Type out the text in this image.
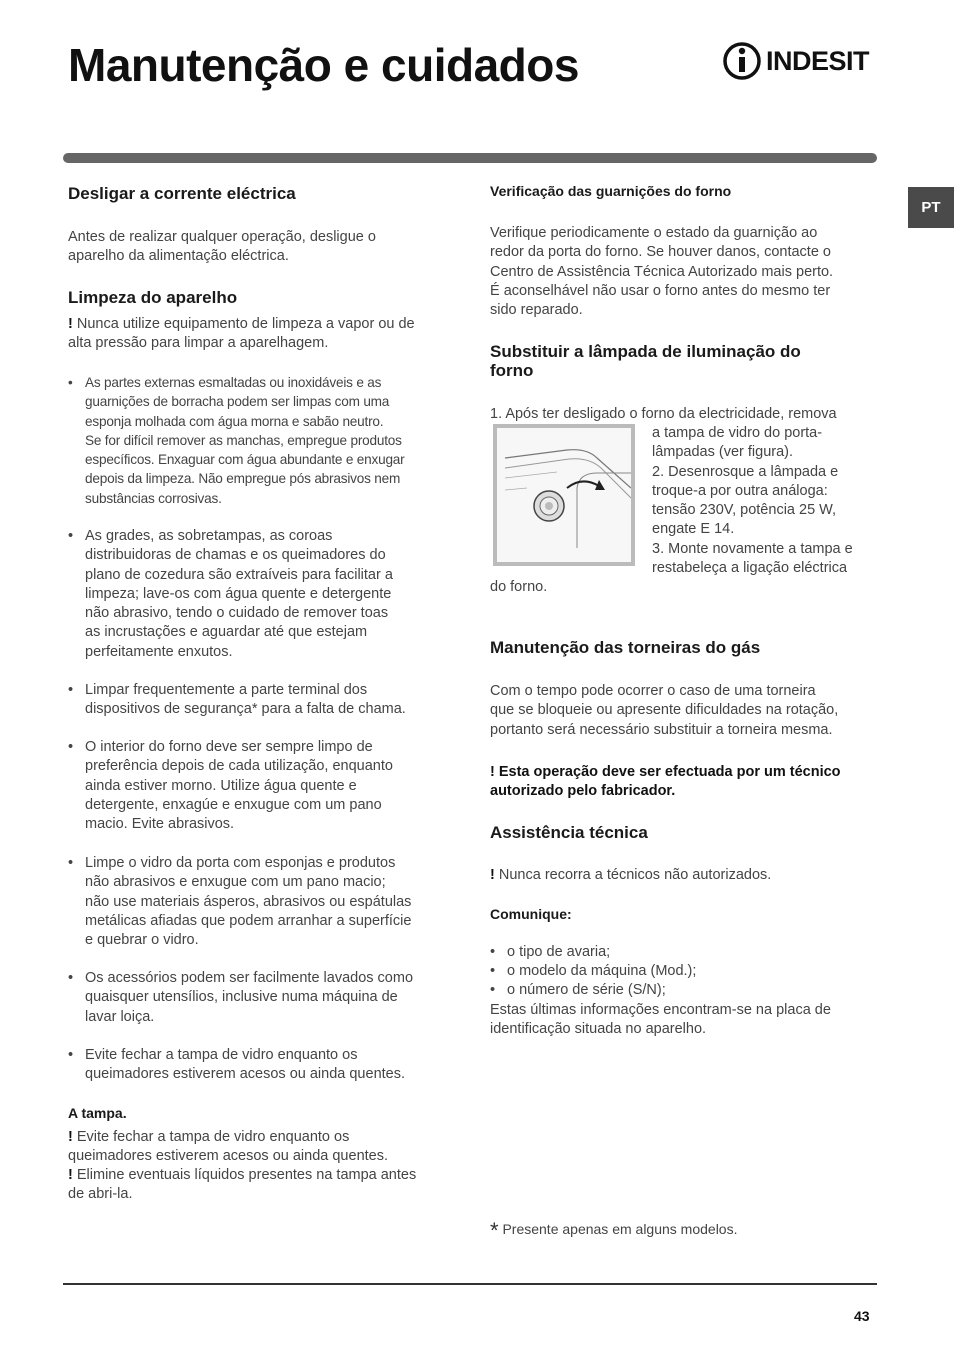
Manutenção e cuidados	INDESIT
PT
Desligar a corrente eléctrica
Antes de realizar qualquer operação, desligue o
aparelho da alimentação eléctrica.
Limpeza do aparelho
! Nunca utilize equipamento de limpeza a vapor ou de
alta pressão para limpar a aparelhagem.
• As partes externas esmaltadas ou inoxidáveis e as
guarnições de borracha podem ser limpas com uma
esponja molhada com água morna e sabão neutro.
Se for difícil remover as manchas, empregue produtos
específicos. Enxaguar com água abundante e enxugar
depois da limpeza. Não empregue pós abrasivos nem
substâncias corrosivas.
• As grades, as sobretampas, as coroas
distribuidoras de chamas e os queimadores do
plano de cozedura são extraíveis para facilitar a
limpeza; lave-os com água quente e detergente
não abrasivo, tendo o cuidado de remover toas
as incrustações e aguardar até que estejam
perfeitamente enxutos.
• Limpar frequentemente a parte terminal dos
dispositivos de segurança* para a falta de chama.
• O interior do forno deve ser sempre limpo de
preferência depois de cada utilização, enquanto
ainda estiver morno. Utilize água quente e
detergente, enxagúe e enxugue com um pano
macio. Evite abrasivos.
• Limpe o vidro da porta com esponjas e produtos
não abrasivos e enxugue com um pano macio;
não use materiais ásperos, abrasivos ou espátulas
metálicas afiadas que podem arranhar a superfície
e quebrar o vidro.
• Os acessórios podem ser facilmente lavados como
quaisquer utensílios, inclusive numa máquina de
lavar loiça.
• Evite fechar a tampa de vidro enquanto os
queimadores estiverem acesos ou ainda quentes.
A tampa.
! Evite fechar a tampa de vidro enquanto os
queimadores estiverem acesos ou ainda quentes.
! Elimine eventuais líquidos presentes na tampa antes
de abri-la.
Verificação das guarnições do forno
Verifique periodicamente o estado da guarnição ao
redor da porta do forno. Se houver danos, contacte o
Centro de Assistência Técnica Autorizado mais perto.
É aconselhável não usar o forno antes do mesmo ter
sido reparado.
Substituir a lâmpada de iluminação do
forno
1. Após ter desligado o forno da electricidade, remova
a tampa de vidro do porta-
lâmpadas (ver figura).
2. Desenrosque a lâmpada e
troque-a por outra análoga:
tensão 230V, potência 25 W,
engate E 14.
3. Monte novamente a tampa e
restabeleça a ligação eléctrica
do forno.
Manutenção das torneiras do gás
Com o tempo pode ocorrer o caso de uma torneira
que se bloqueie ou apresente dificuldades na rotação,
portanto será necessário substituir a torneira mesma.
! Esta operação deve ser efectuada por um técnico
autorizado pelo fabricador.
Assistência técnica
! Nunca recorra a técnicos não autorizados.
Comunique:
• o tipo de avaria;
• o modelo da máquina (Mod.);
• o número de série (S/N);
Estas últimas informações encontram-se na placa de
identificação situada no aparelho.
* Presente apenas em alguns modelos.
43
